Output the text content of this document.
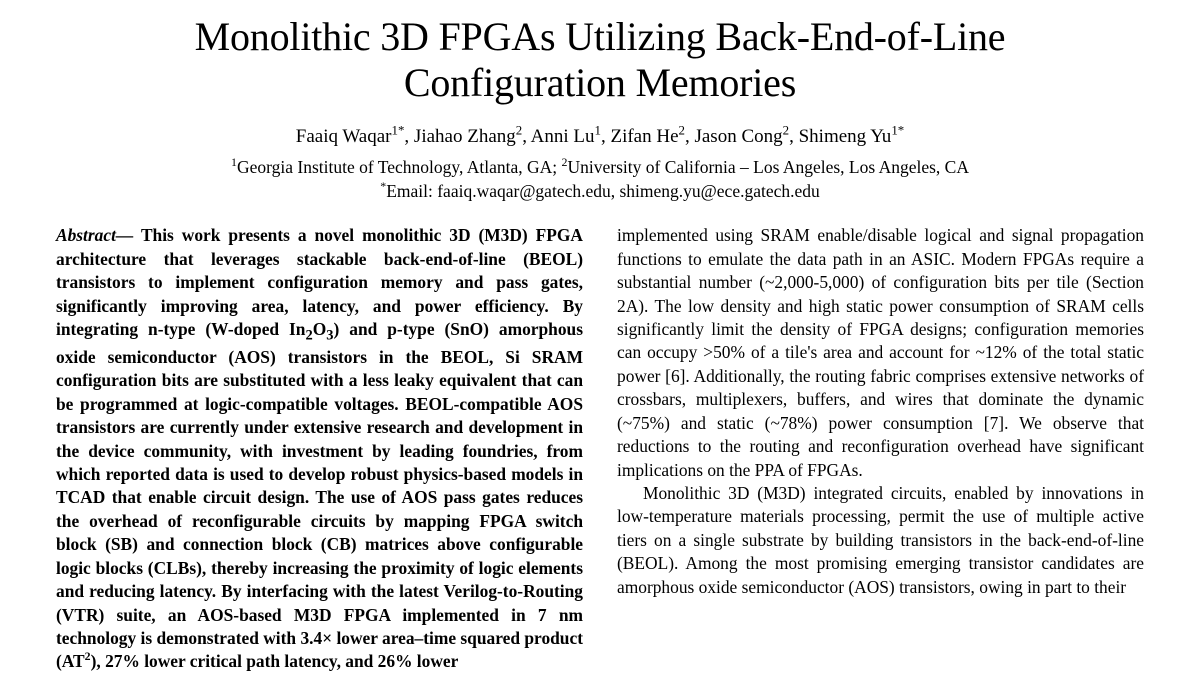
Monolithic 3D FPGAs Utilizing Back-End-of-Line Configuration Memories
Faaiq Waqar$^{1*}$, Jiahao Zhang$^2$, Anni Lu$^1$, Zifan He$^2$, Jason Cong$^2$, Shimeng $Yu^{1*}$
$^1$Georgia Institute of Technology, Atlanta, GA; $^2$University of California – Los Angeles, Los Angeles, CA
*Email: faaiq.waqar@gatech.edu, shimeng.yu@ece.gatech.edu

Abstract— This work presents a novel monolithic 3D (M3D) FPGA architecture that leverages stackable back-end-of-line (BEOL) transistors to implement configuration memory and pass gates, significantly improving area, latency, and power efficiency. By integrating n-type (W-doped $In_2O_3$) and p-type (SnO) amorphous oxide semiconductor (AOS) transistors in the BEOL, Si SRAM configuration bits are substituted with a less leaky equivalent that can be programmed at logic-compatible voltages. BEOL-compatible AOS transistors are currently under extensive research and development in the device community, with investment by leading foundries, from which reported data is used to develop robust physics-based models in TCAD that enable circuit design. The use of AOS pass gates reduces the overhead of reconfigurable circuits by mapping FPGA switch block (SB) and connection block (CB) matrices above configurable logic blocks (CLBs), thereby increasing the proximity of logic elements and reducing latency. By interfacing with the latest Verilog-to-Routing (VTR) suite, an AOS-based M3D FPGA implemented in 7 nm technology is demonstrated with 3.4× lower area–time squared product $(AT^2)$, 27% lower critical path latency, and 26% lower

implemented using SRAM enable/disable logical and signal propagation functions to emulate the data path in an ASIC. Modern FPGAs require a substantial number (~2,000-5,000) of configuration bits per tile (Section 2A). The low density and high static power consumption of SRAM cells significantly limit the density of FPGA designs; configuration memories can occupy >50% of a tile's area and account for ~12% of the total static power [6]. Additionally, the routing fabric comprises extensive networks of crossbars, multiplexers, buffers, and wires that dominate the dynamic (~75%) and static (~78%) power consumption [7]. We observe that reductions to the routing and reconfiguration overhead have significant implications on the PPA of FPGAs.

Monolithic 3D (M3D) integrated circuits, enabled by innovations in low-temperature materials processing, permit the use of multiple active tiers on a single substrate by building transistors in the back-end-of-line (BEOL). Among the most promising emerging transistor candidates are amorphous oxide semiconductor (AOS) transistors, owing in part to their
